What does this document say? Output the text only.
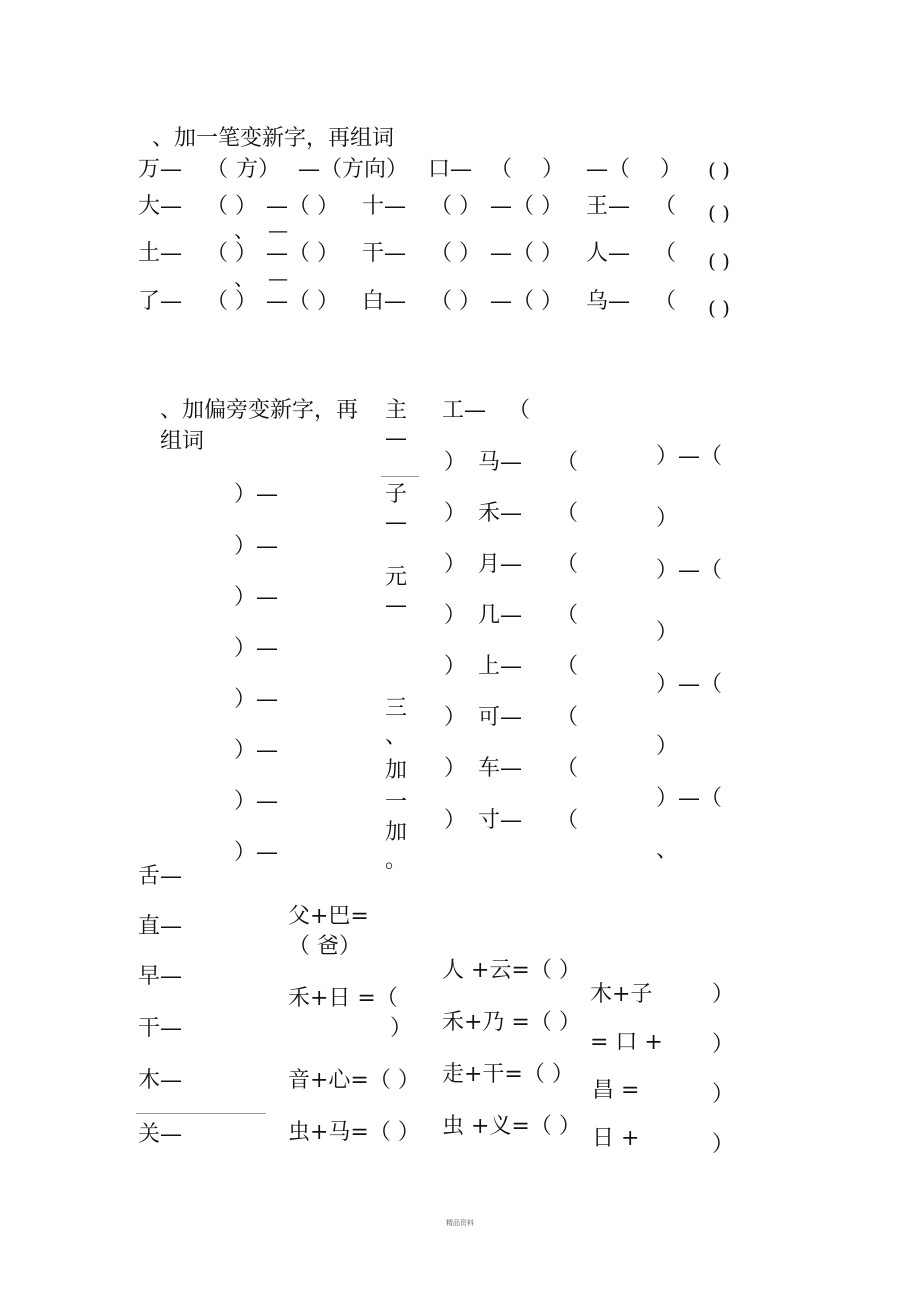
、加一笔变新字，再组词
万— （ 方） —（方向） 口— （ ） —（ ） ( )
大— （ ） —（ ） 十— （ ） —（ ） 王— （ ( )
、 —
土— （ ） —（ ） 干— （ ） —（ ） 人— （ ( )
、 —
了— （ ） —（ ） 白— （ ） —（ ） 乌— （ ( )
、加偏旁变新字，再
组词
）—
）—
）—
）—
）—
）—
）—
）—
主
—
子
—
元
—
三
、
加
一
加
。
工— （
） 马— （
） 禾— （
） 月— （
） 几— （
） 上— （
） 可— （
） 车— （
） 寸— （
）—（
）
）—（
）
）—（
）
）—（
、
舌—
直—
早—
干—
木—
关—
父+巴=
（ 爸）
禾+日 =（
）
音+心=（ ）
虫+马=（ ）
人 +云=（ ）
禾+乃 =（ ）
走+干=（ ）
虫 +义=（ ）
木+子
= 口 +
昌 =
日 +
）
）
）
）
精品资料
